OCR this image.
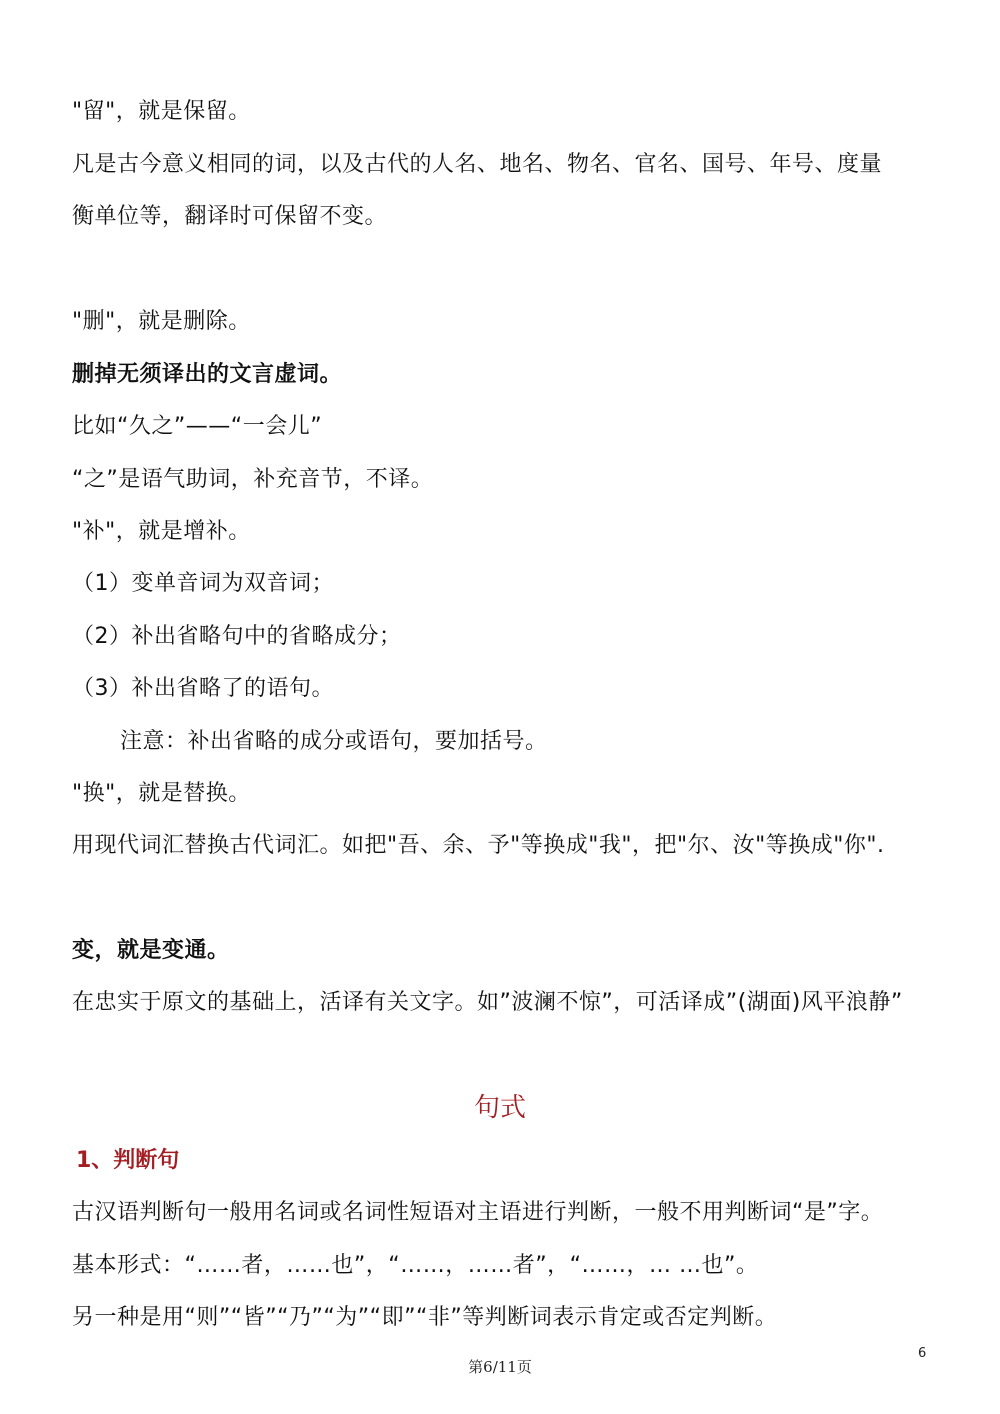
"留"，就是保留。
凡是古今意义相同的词，以及古代的人名、地名、物名、官名、国号、年号、度量
衡单位等，翻译时可保留不变。
"删"，就是删除。
删掉无须译出的文言虚词。
比如“久之”——“一会儿”
“之”是语气助词，补充音节，不译。
"补"，就是增补。
（1）变单音词为双音词；
（2）补出省略句中的省略成分；
（3）补出省略了的语句。
注意：补出省略的成分或语句，要加括号。
"换"，就是替换。
用现代词汇替换古代词汇。如把"吾、余、予"等换成"我"，把"尔、汝"等换成"你".
变，就是变通。
在忠实于原文的基础上，活译有关文字。如”波澜不惊”，可活译成”(湖面)风平浪静”
句式
1、判断句
古汉语判断句一般用名词或名词性短语对主语进行判断，一般不用判断词“是”字。
基本形式：“……者，……也”，“……，……者”，“……，… …也”。
另一种是用“则”“皆”“乃”“为”“即”“非”等判断词表示肯定或否定判断。
第6/11页
6
